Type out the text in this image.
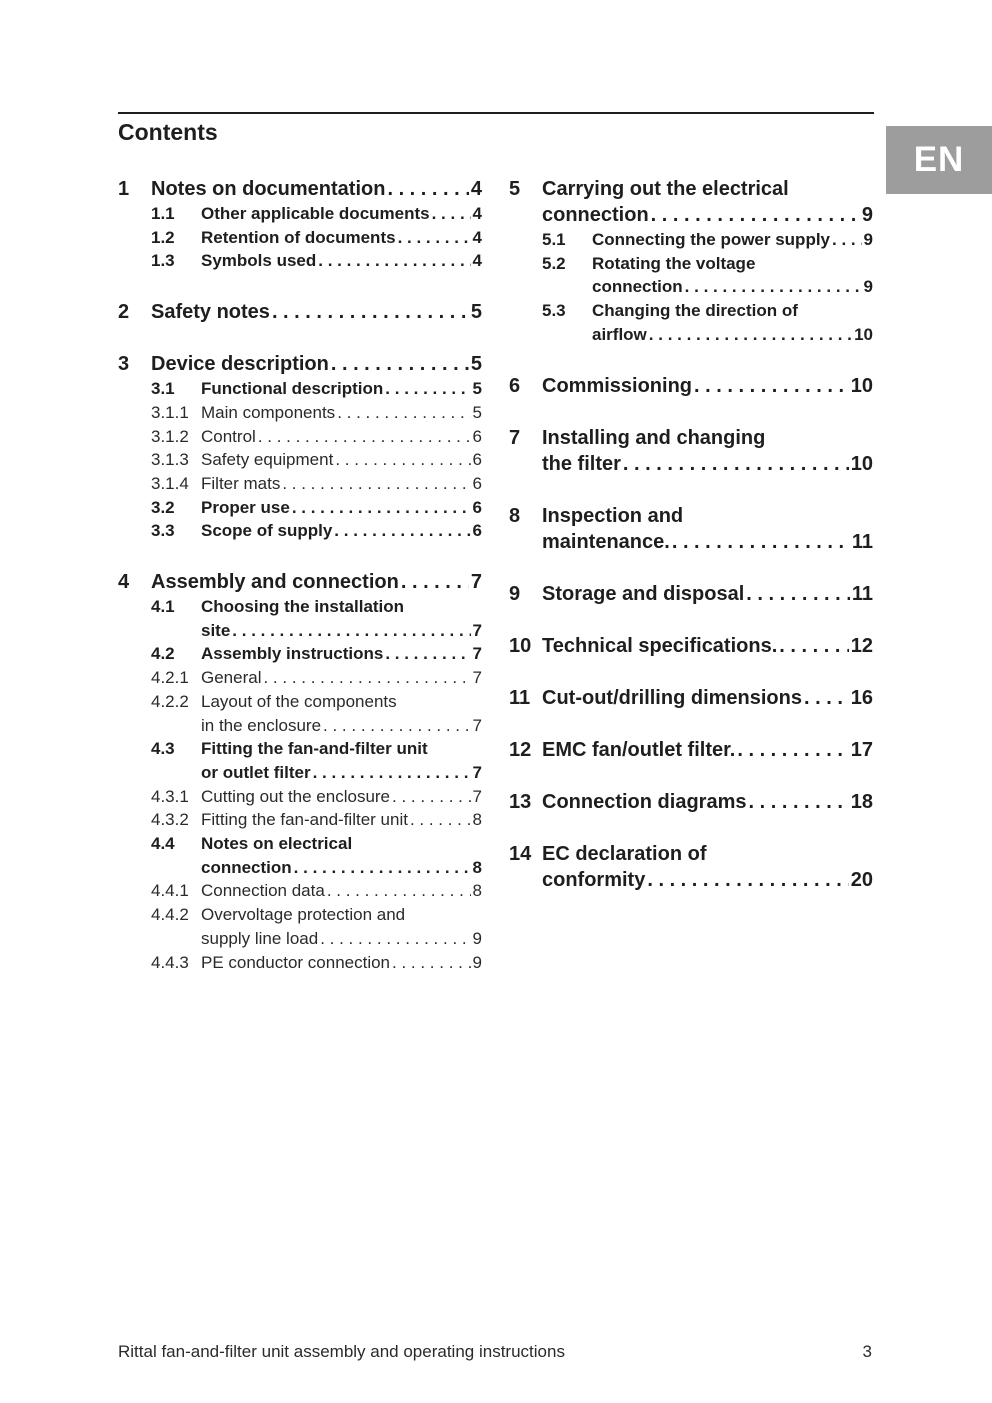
Contents
EN
1	Notes on documentation . . .	4
1.1	Other applicable documents . . .	4
1.2	Retention of documents . . .	4
1.3	Symbols used . . .	4
2	Safety notes . . .	5
3	Device description . . .	5
3.1	Functional description . . .	5
3.1.1 Main components . . .	5
3.1.2 Control . . .	6
3.1.3 Safety equipment . . .	6
3.1.4 Filter mats . . .	6
3.2	Proper use . . .	6
3.3	Scope of supply . . .	6
4	Assembly and connection . . .	7
4.1	Choosing the installation
site . . .	7
4.2	Assembly instructions . . .	7
4.2.1 General . . .	7
4.2.2 Layout of the components
in the enclosure . . .	7
4.3	Fitting the fan-and-filter unit
or outlet filter . . .	7
4.3.1 Cutting out the enclosure . . .	7
4.3.2 Fitting the fan-and-filter unit . . .	8
4.4	Notes on electrical
connection . . .	8
4.4.1 Connection data . . .	8
4.4.2 Overvoltage protection and
supply line load . . .	9
4.4.3 PE conductor connection . . .	9
5	Carrying out the electrical
connection . . .	9
5.1	Connecting the power supply . . . 9
5.2	Rotating the voltage
connection . . .	9
5.3	Changing the direction of
airflow . . .	10
6	Commissioning . . .	10
7	Installing and changing
the filter . . .	10
8	Inspection and
maintenance. . . .	11
9	Storage and disposal . . .	11
10 Technical specifications. . . .	12
11 Cut-out/drilling dimensions . . . 16
12 EMC fan/outlet filter. . . .	17
13 Connection diagrams . . .	18
14 EC declaration of
conformity . . .	20
Rittal fan-and-filter unit assembly and operating instructions	3
